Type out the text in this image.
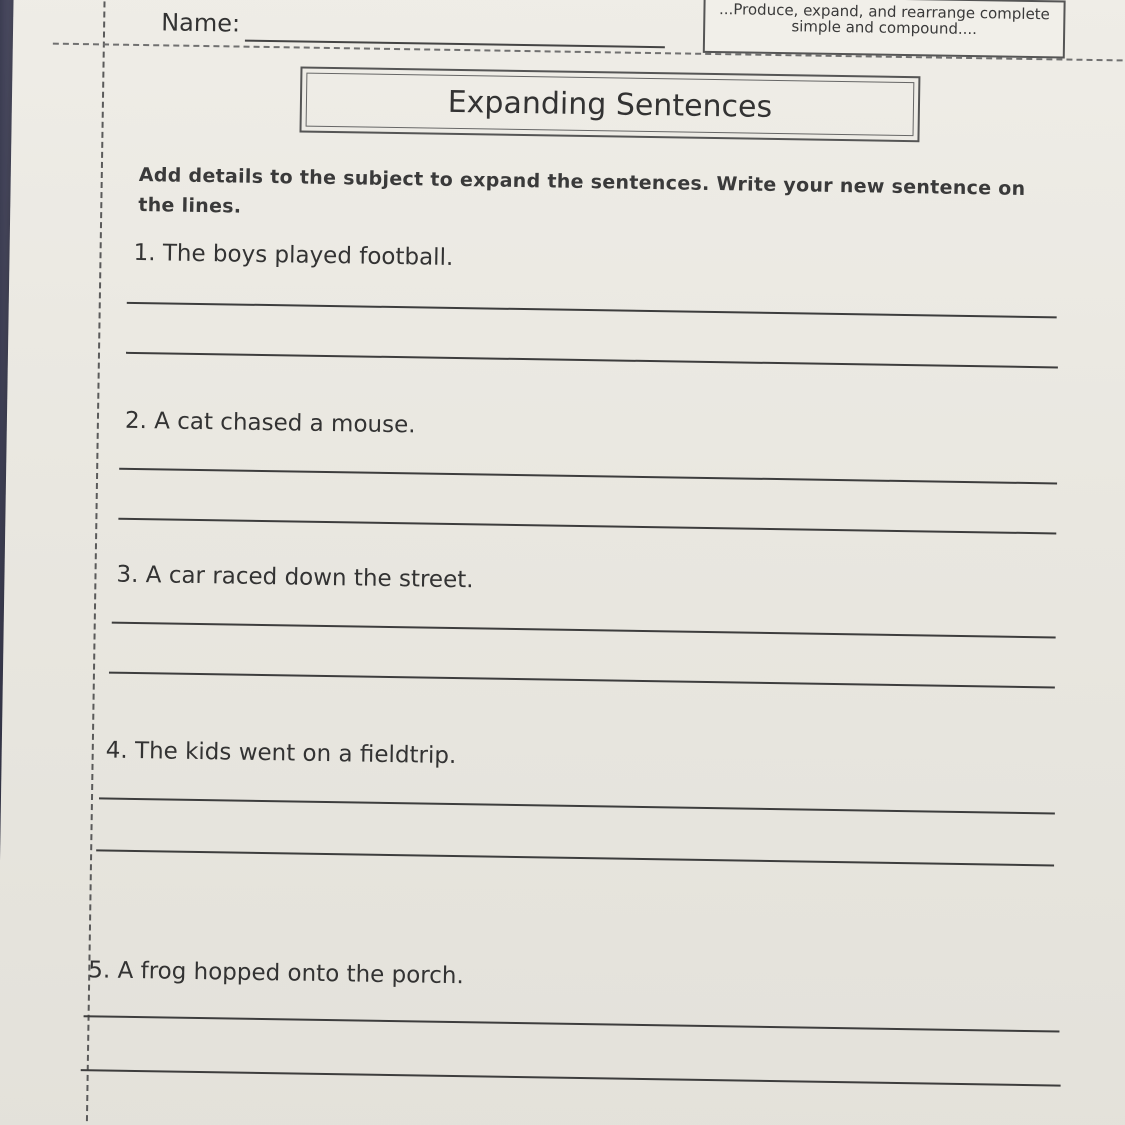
...Produce, expand, and rearrange complete simple and compound....
Name:
Expanding Sentences
Add details to the subject to expand the sentences. Write your new sentence on the lines.
1. The boys played football.
2. A cat chased a mouse.
3. A car raced down the street.
4. The kids went on a fieldtrip.
5. A frog hopped onto the porch.
